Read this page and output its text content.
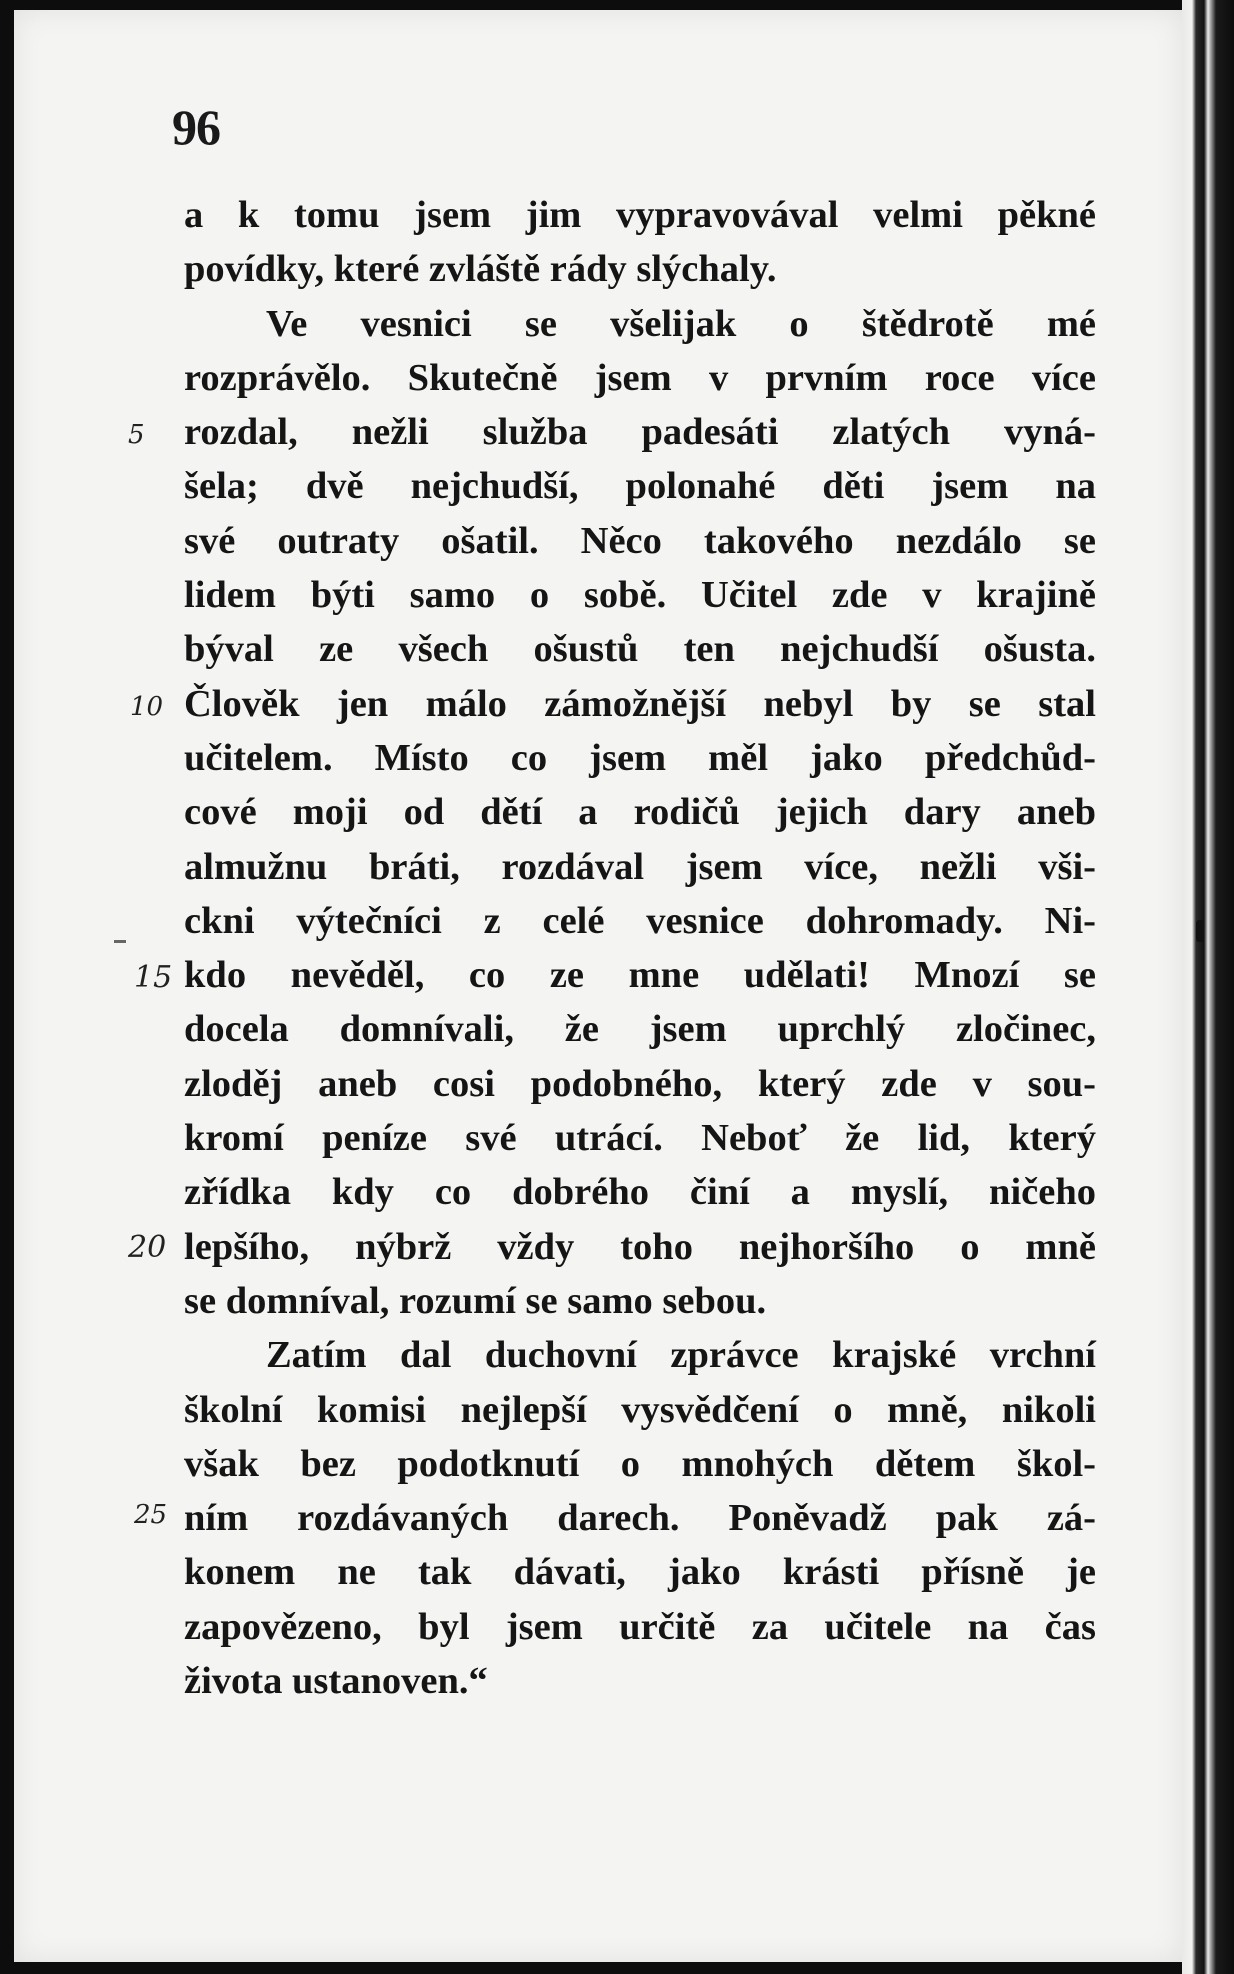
96
a k tomu jsem jim vypravovával velmi pěkné
povídky, které zvláště rády slýchaly.
Ve vesnici se všelijak o štědrotě mé
rozprávělo. Skutečně jsem v prvním roce více
rozdal, nežli služba padesáti zlatých vyná-
šela; dvě nejchudší, polonahé děti jsem na
své outraty ošatil. Něco takového nezdálo se
lidem býti samo o sobě. Učitel zde v krajině
býval ze všech ošustů ten nejchudší ošusta.
Člověk jen málo zámožnější nebyl by se stal
učitelem. Místo co jsem měl jako předchůd-
cové moji od dětí a rodičů jejich dary aneb
almužnu bráti, rozdával jsem více, nežli vši-
ckni výtečníci z celé vesnice dohromady. Ni-
kdo nevěděl, co ze mne udělati! Mnozí se
docela domnívali, že jsem uprchlý zločinec,
zloděj aneb cosi podobného, který zde v sou-
kromí peníze své utrácí. Neboť že lid, který
zřídka kdy co dobrého činí a myslí, ničeho
lepšího, nýbrž vždy toho nejhoršího o mně
se domníval, rozumí se samo sebou.
Zatím dal duchovní zprávce krajské vrchní
školní komisi nejlepší vysvědčení o mně, nikoli
však bez podotknutí o mnohých dětem škol-
ním rozdávaných darech. Poněvadž pak zá-
konem ne tak dávati, jako krásti přísně je
zapovězeno, byl jsem určitě za učitele na čas
života ustanoven.“
5
10
15
20
25
